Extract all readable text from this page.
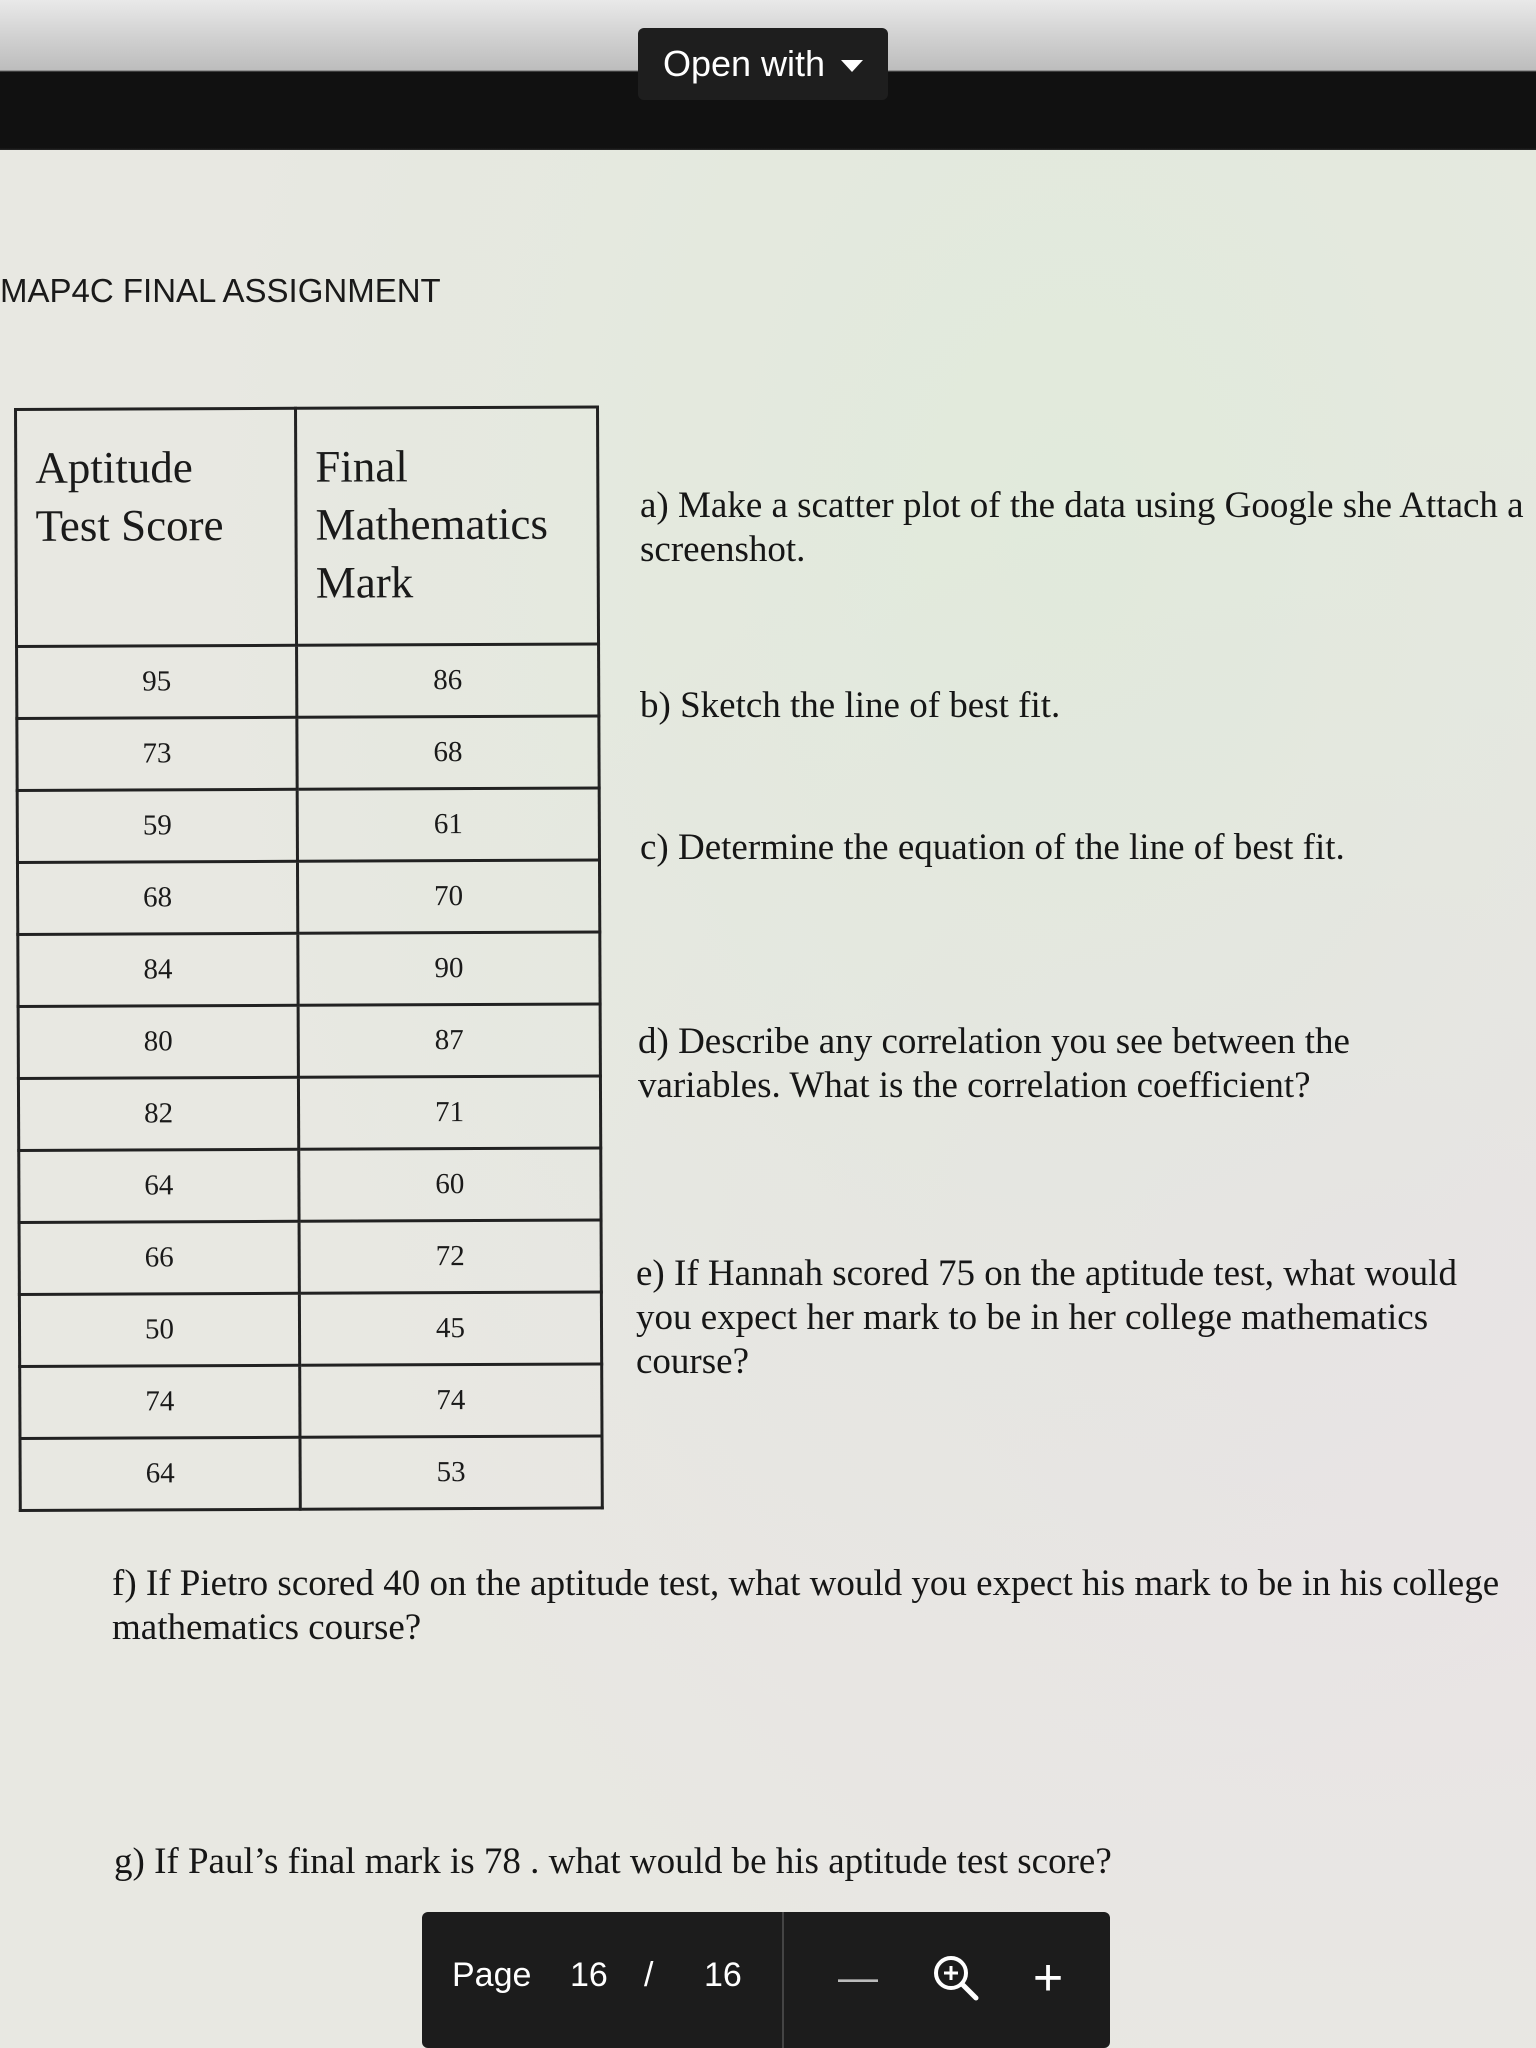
Open with
MAP4C FINAL ASSIGNMENT
Aptitude Test Score	Final Mathematics Mark
95	86
73	68
59	61
68	70
84	90
80	87
82	71
64	60
66	72
50	45
74	74
64	53
a) Make a scatter plot of the data using Google she Attach a screenshot.
b) Sketch the line of best fit.
c) Determine the equation of the line of best fit.
d) Describe any correlation you see between the variables. What is the correlation coefficient?
e) If Hannah scored 75 on the aptitude test, what would you expect her mark to be in her college mathematics course?
f) If Pietro scored 40 on the aptitude test, what would you expect his mark to be in his college mathematics course?
g) If Paul’s final mark is 78 . what would be his aptitude test score?
Page 16 / 16 —	+
